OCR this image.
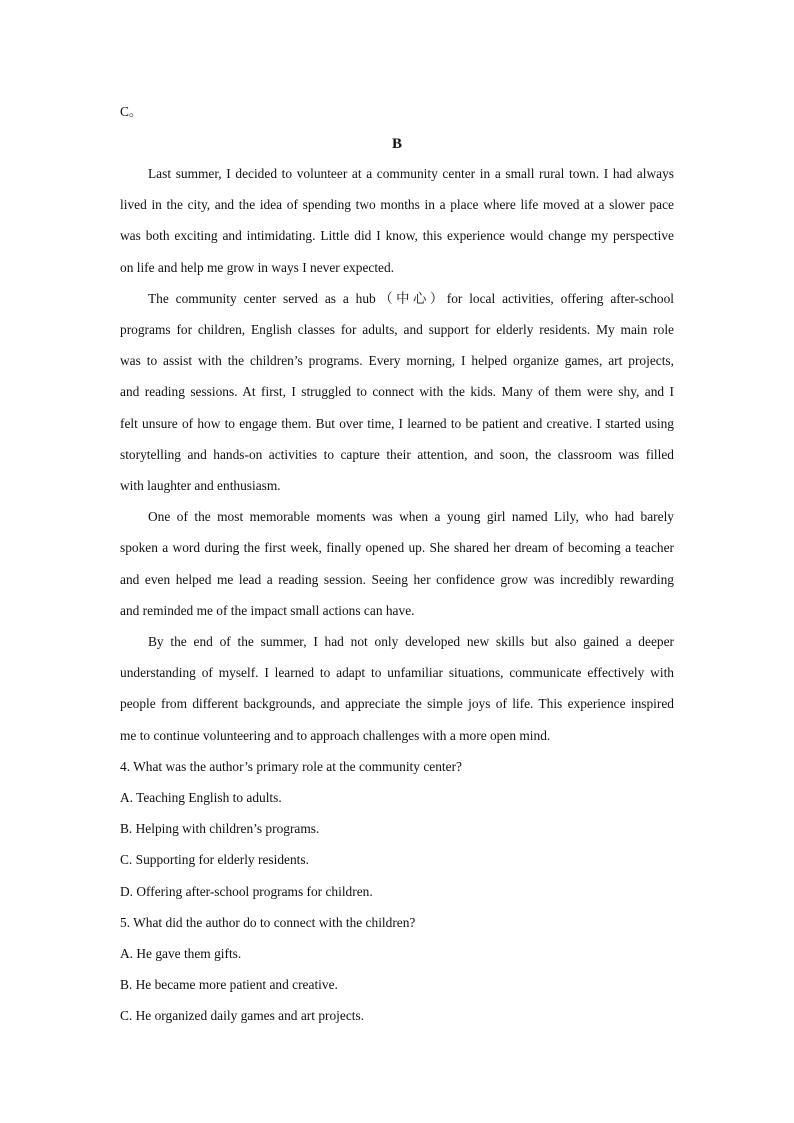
C。
B
Last summer, I decided to volunteer at a community center in a small rural town. I had always
lived in the city, and the idea of spending two months in a place where life moved at a slower pace
was both exciting and intimidating. Little did I know, this experience would change my perspective
on life and help me grow in ways I never expected.
The community center served as a hub（中心）for local activities, offering after-school
programs for children, English classes for adults, and support for elderly residents. My main role
was to assist with the children’s programs. Every morning, I helped organize games, art projects,
and reading sessions. At first, I struggled to connect with the kids. Many of them were shy, and I
felt unsure of how to engage them. But over time, I learned to be patient and creative. I started using
storytelling and hands-on activities to capture their attention, and soon, the classroom was filled
with laughter and enthusiasm.
One of the most memorable moments was when a young girl named Lily, who had barely
spoken a word during the first week, finally opened up. She shared her dream of becoming a teacher
and even helped me lead a reading session. Seeing her confidence grow was incredibly rewarding
and reminded me of the impact small actions can have.
By the end of the summer, I had not only developed new skills but also gained a deeper
understanding of myself. I learned to adapt to unfamiliar situations, communicate effectively with
people from different backgrounds, and appreciate the simple joys of life. This experience inspired
me to continue volunteering and to approach challenges with a more open mind.
4. What was the author’s primary role at the community center?
A. Teaching English to adults.
B. Helping with children’s programs.
C. Supporting for elderly residents.
D. Offering after-school programs for children.
5. What did the author do to connect with the children?
A. He gave them gifts.
B. He became more patient and creative.
C. He organized daily games and art projects.
